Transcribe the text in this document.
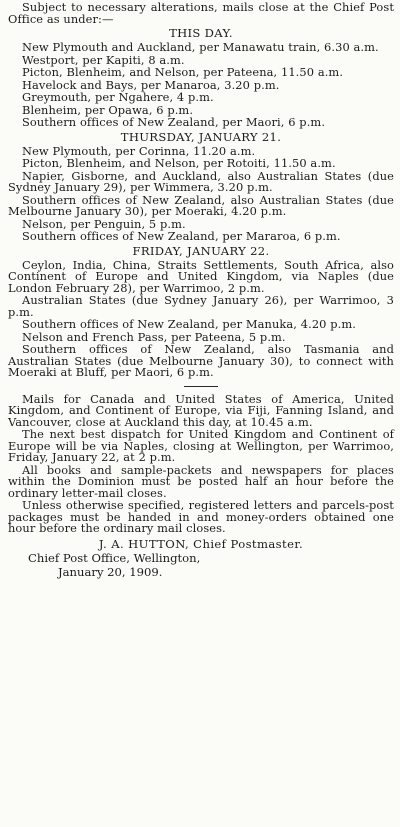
Subject to necessary alterations, mails close at the Chief Post Office as under:—

THIS DAY.

New Plymouth and Auckland, per Manawatu train, 6.30 a.m.

Westport, per Kapiti, 8 a.m.

Picton, Blenheim, and Nelson, per Pateena, 11.50 a.m.

Havelock and Bays, per Manaroa, 3.20 p.m.

Greymouth, per Ngahere, 4 p.m.

Blenheim, per Opawa, 6 p.m.

Southern offices of New Zealand, per Maori, 6 p.m.

THURSDAY, JANUARY 21.

New Plymouth, per Corinna, 11.20 a.m.

Picton, Blenheim, and Nelson, per Rotoiti, 11.50 a.m.

Napier, Gisborne, and Auckland, also Australian States (due Sydney January 29), per Wimmera, 3.20 p.m.

Southern offices of New Zealand, also Australian States (due Melbourne January 30), per Moeraki, 4.20 p.m.

Nelson, per Penguin, 5 p.m.

Southern offices of New Zealand, per Mararoa, 6 p.m.

FRIDAY, JANUARY 22.

Ceylon, India, China, Straits Settlements, South Africa, also Continent of Europe and United Kingdom, via Naples (due London February 28), per Warrimoo, 2 p.m.

Australian States (due Sydney January 26), per Warrimoo, 3 p.m.

Southern offices of New Zealand, per Manuka, 4.20 p.m.

Nelson and French Pass, per Pateena, 5 p.m.

Southern offices of New Zealand, also Tasmania and Australian States (due Melbourne January 30), to connect with Moeraki at Bluff, per Maori, 6 p.m.

Mails for Canada and United States of America, United Kingdom, and Continent of Europe, via Fiji, Fanning Island, and Vancouver, close at Auckland this day, at 10.45 a.m.

The next best dispatch for United Kingdom and Continent of Europe will be via Naples, closing at Wellington, per Warrimoo, Friday, January 22, at 2 p.m.

All books and sample-packets and newspapers for places within the Dominion must be posted half an hour before the ordinary letter-mail closes.

Unless otherwise specified, registered letters and parcels-post packages must be handed in and money-orders obtained one hour before the ordinary mail closes.

J. A. HUTTON, Chief Postmaster.
Chief Post Office, Wellington,
January 20, 1909.
